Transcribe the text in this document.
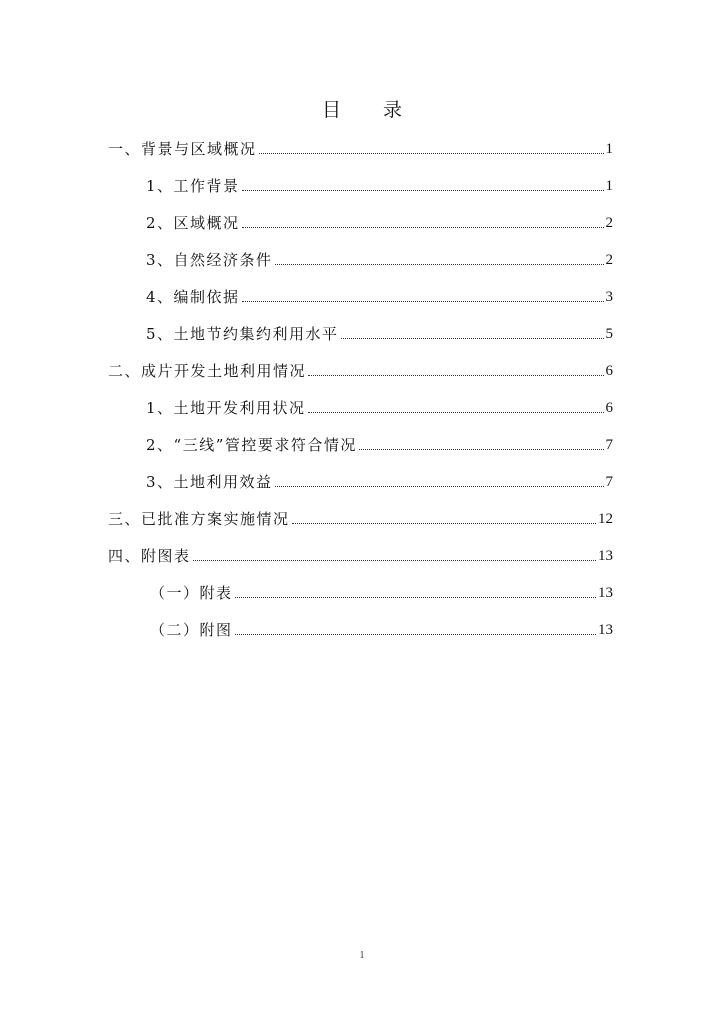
目 录
一、背景与区域概况	1
1、工作背景	1
2、区域概况	2
3、自然经济条件	2
4、编制依据	3
5、土地节约集约利用水平	5
二、成片开发土地利用情况	6
1、土地开发利用状况	6
2、“三线”管控要求符合情况	7
3、土地利用效益	7
三、已批准方案实施情况	12
四、附图表	13
（一）附表	13
（二）附图	13
1
